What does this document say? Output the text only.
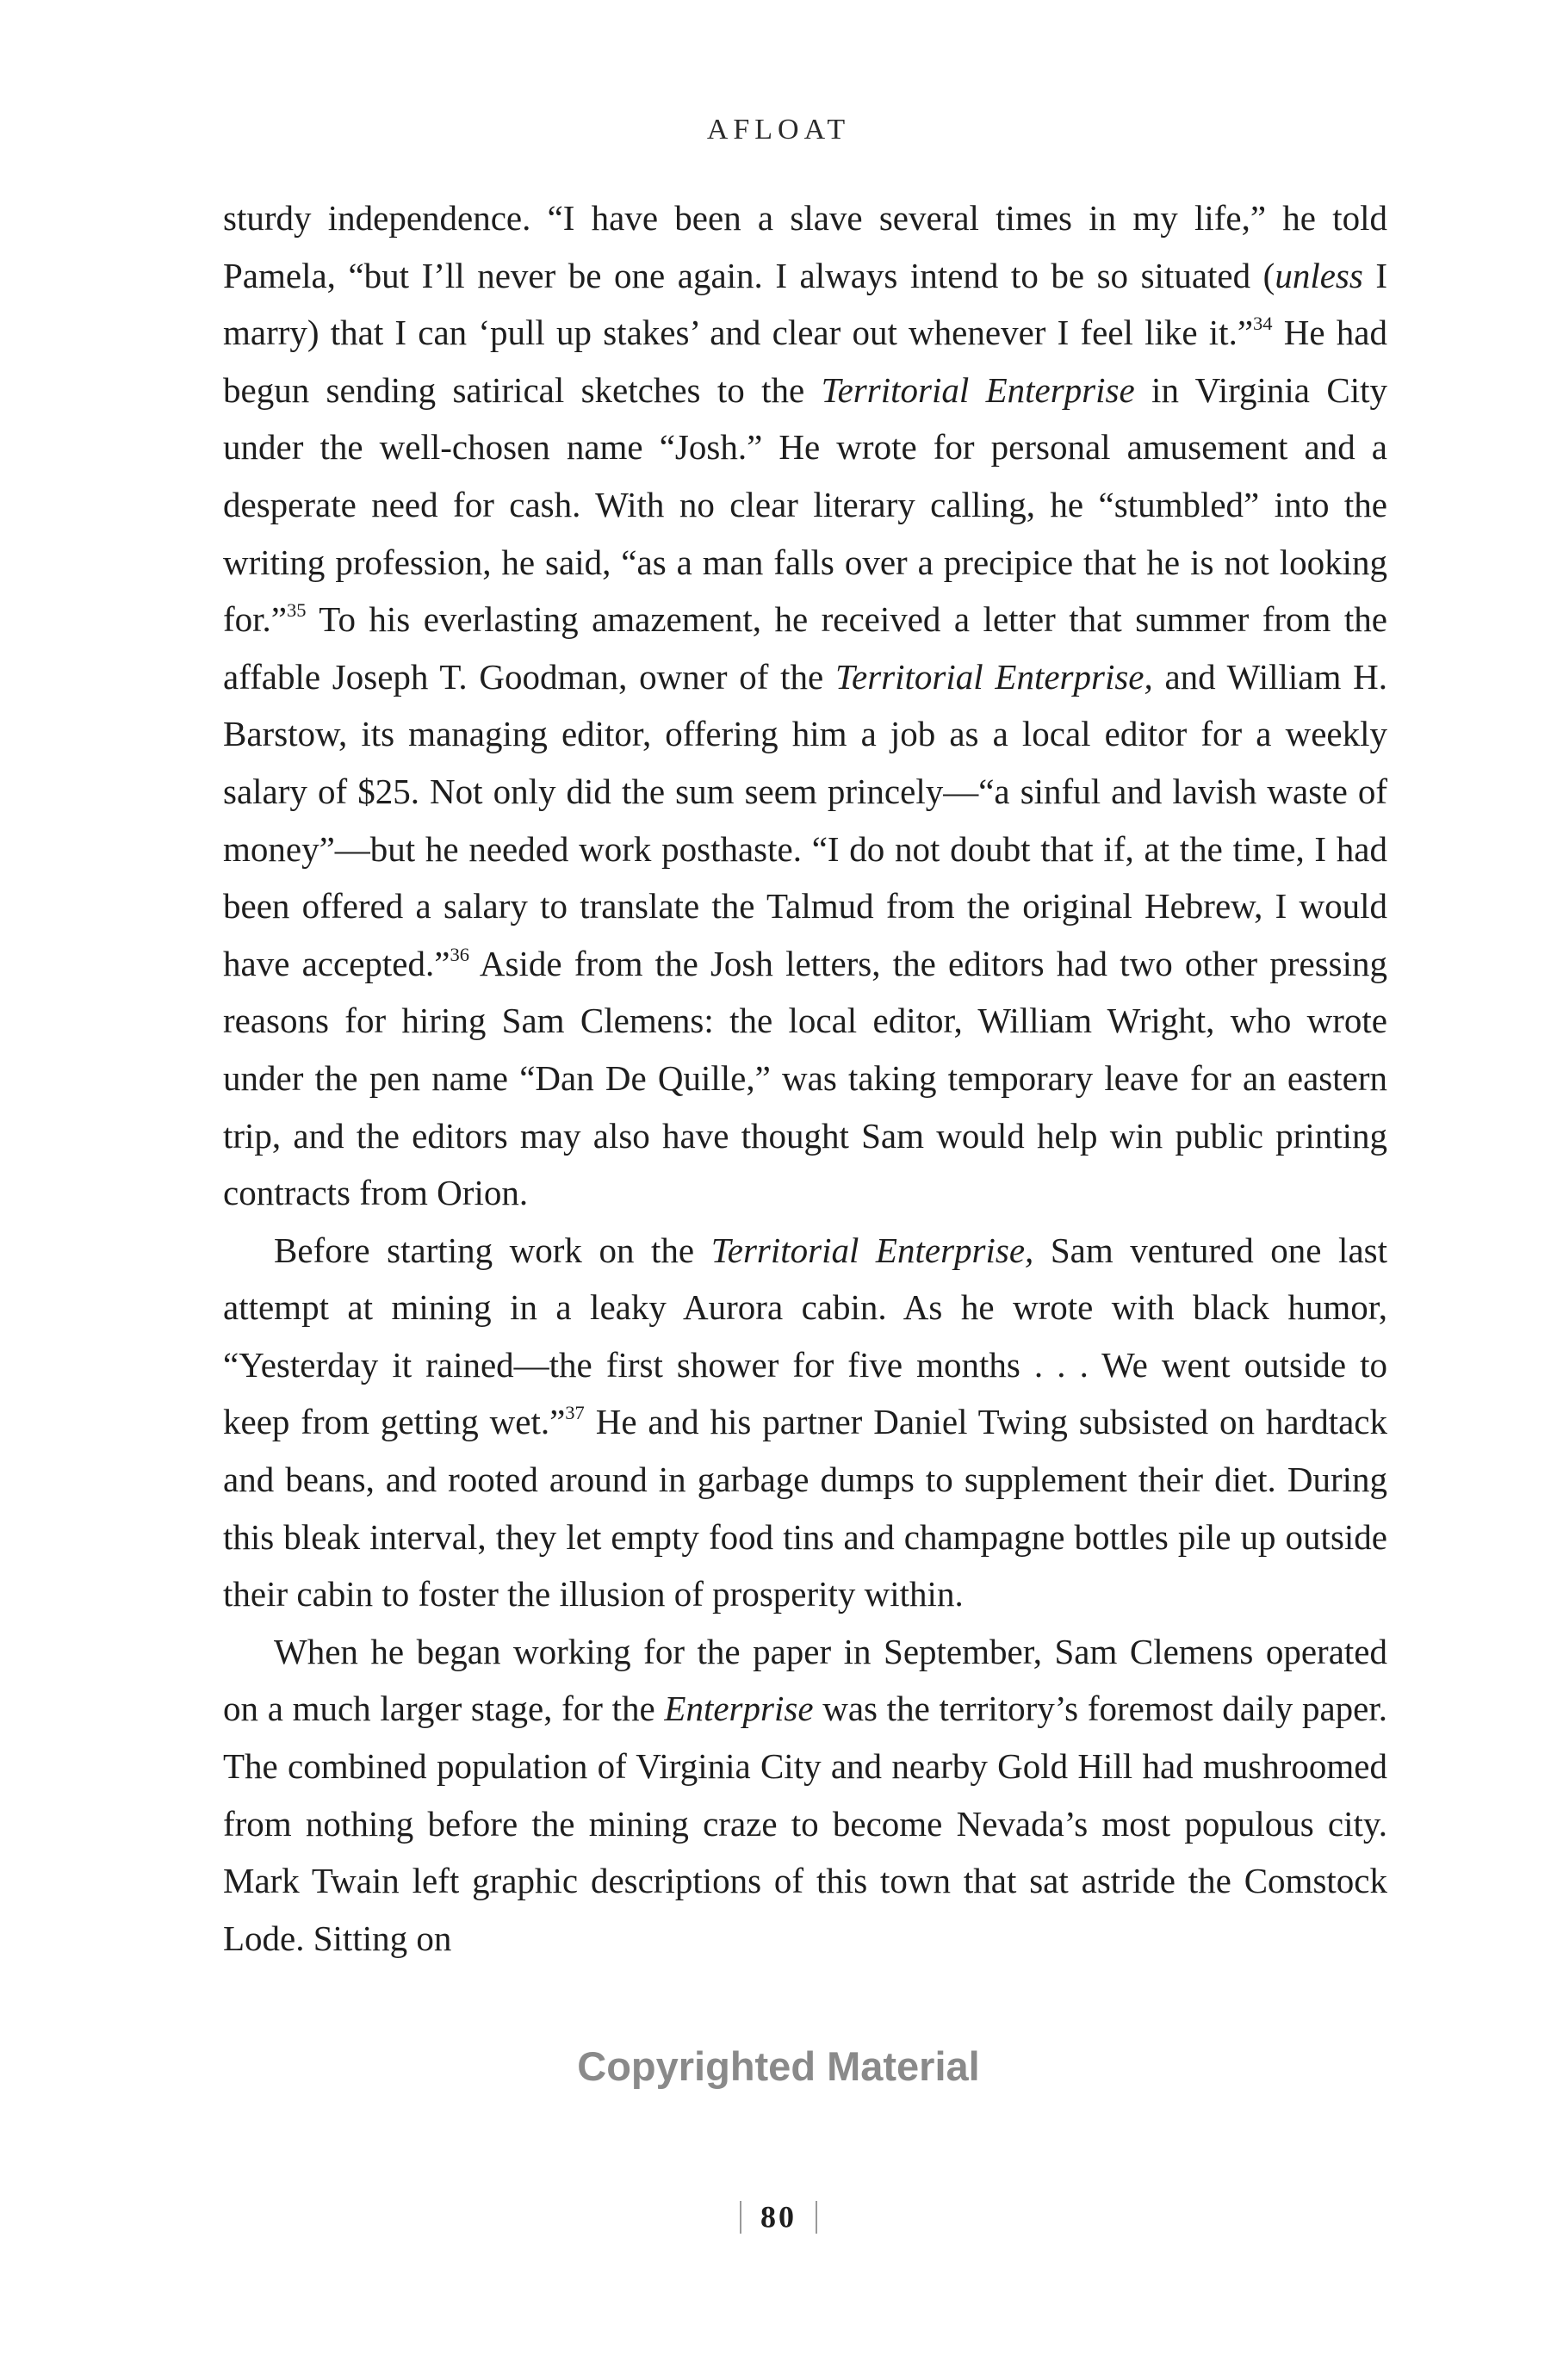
AFLOAT

sturdy independence. “I have been a slave several times in my life,” he told Pamela, “but I’ll never be one again. I always intend to be so situated (unless I marry) that I can ‘pull up stakes’ and clear out whenever I feel like it.”$^{34}$ He had begun sending satirical sketches to the Territorial Enterprise in Virginia City under the well-chosen name “Josh.” He wrote for personal amusement and a desperate need for cash. With no clear literary calling, he “stumbled” into the writing profession, he said, “as a man falls over a precipice that he is not looking for.”$^{35}$ To his everlasting amazement, he received a letter that summer from the affable Joseph T. Goodman, owner of the Territorial Enterprise, and William H. Barstow, its managing editor, offering him a job as a local editor for a weekly salary of $25. Not only did the sum seem princely—“a sinful and lavish waste of money”—but he needed work posthaste. “I do not doubt that if, at the time, I had been offered a salary to translate the Talmud from the original Hebrew, I would have accepted.”$^{36}$ Aside from the Josh letters, the editors had two other pressing reasons for hiring Sam Clemens: the local editor, William Wright, who wrote under the pen name “Dan De Quille,” was taking temporary leave for an eastern trip, and the editors may also have thought Sam would help win public printing contracts from Orion.

Before starting work on the Territorial Enterprise, Sam ventured one last attempt at mining in a leaky Aurora cabin. As he wrote with black humor, “Yesterday it rained—the first shower for five months . . . We went outside to keep from getting wet.”$^{37}$ He and his partner Daniel Twing subsisted on hardtack and beans, and rooted around in garbage dumps to supplement their diet. During this bleak interval, they let empty food tins and champagne bottles pile up outside their cabin to foster the illusion of prosperity within.

When he began working for the paper in September, Sam Clemens operated on a much larger stage, for the Enterprise was the territory’s foremost daily paper. The combined population of Virginia City and nearby Gold Hill had mushroomed from nothing before the mining craze to become Nevada’s most populous city. Mark Twain left graphic descriptions of this town that sat astride the Comstock Lode. Sitting on

Copyrighted Material
80
